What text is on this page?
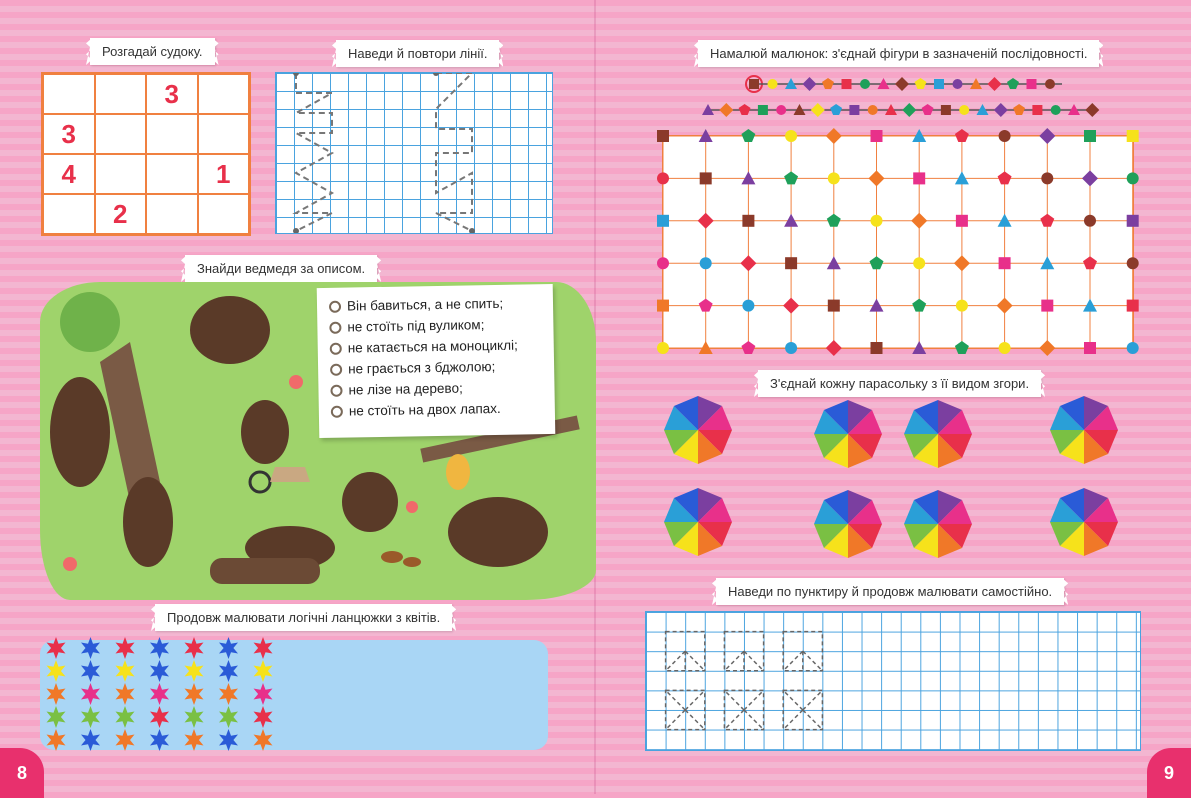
Розгадай судоку.
3
3
4	1
2
Наведи й повтори лінії.
Знайди ведмедя за описом.
Він бавиться, а не спить;
не стоїть під вуликом;
не катається на моноциклі;
не грається з бджолою;
не лізе на дерево;
не стоїть на двох лапах.
Продовж малювати логічні ланцюжки з квітів.
8
Намалюй малюнок: з'єднай фігури в зазначеній послідовності.
З'єднай кожну парасольку з її видом згори.
Наведи по пунктиру й продовж малювати самостійно.
9
